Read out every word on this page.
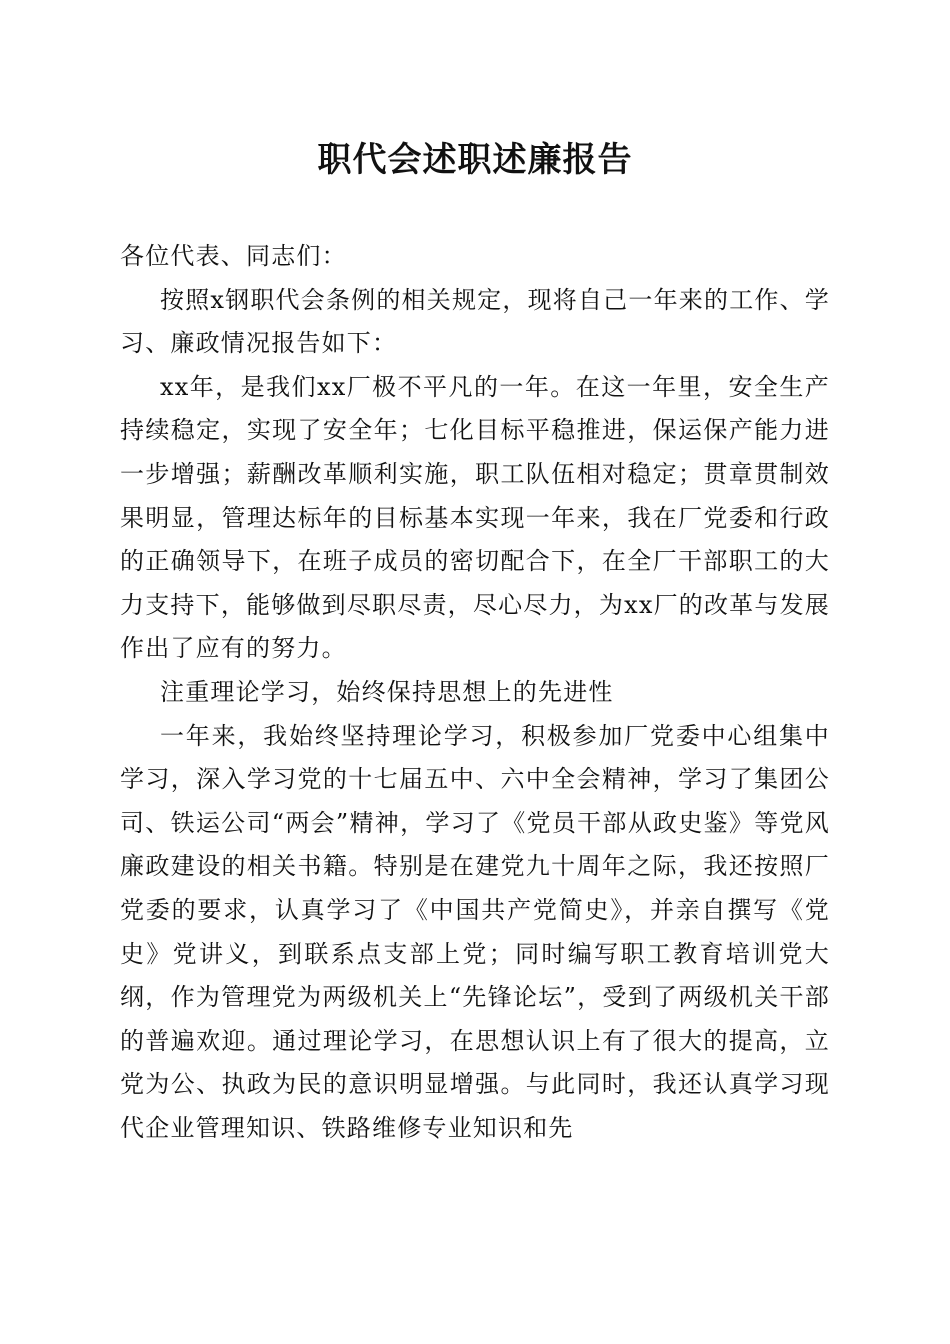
职代会述职述廉报告

各位代表、同志们：

按照x钢职代会条例的相关规定，现将自己一年来的工作、学习、廉政情况报告如下：

xx年，是我们xx厂极不平凡的一年。在这一年里，安全生产持续稳定，实现了安全年；七化目标平稳推进，保运保产能力进一步增强；薪酬改革顺利实施，职工队伍相对稳定；贯章贯制效果明显，管理达标年的目标基本实现一年来，我在厂党委和行政的正确领导下，在班子成员的密切配合下，在全厂干部职工的大力支持下，能够做到尽职尽责，尽心尽力，为xx厂的改革与发展作出了应有的努力。

注重理论学习，始终保持思想上的先进性

一年来，我始终坚持理论学习，积极参加厂党委中心组集中学习，深入学习党的十七届五中、六中全会精神，学习了集团公司、铁运公司“两会”精神，学习了《党员干部从政史鉴》等党风廉政建设的相关书籍。特别是在建党九十周年之际，我还按照厂党委的要求，认真学习了《中国共产党简史》，并亲自撰写《党史》党讲义，到联系点支部上党；同时编写职工教育培训党大纲，作为管理党为两级机关上“先锋论坛”，受到了两级机关干部的普遍欢迎。通过理论学习，在思想认识上有了很大的提高，立党为公、执政为民的意识明显增强。与此同时，我还认真学习现代企业管理知识、铁路维修专业知识和先
